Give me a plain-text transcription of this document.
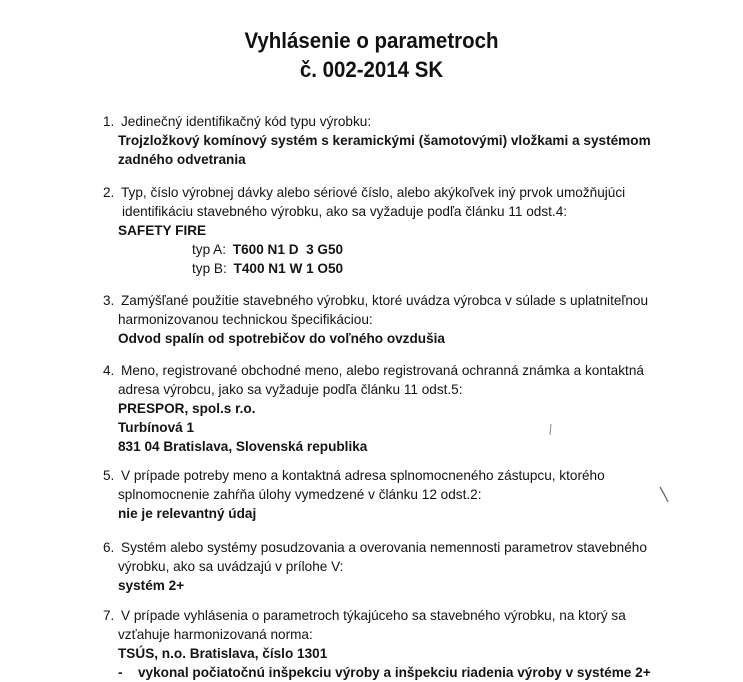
Vyhlásenie o parametroch
č. 002-2014 SK
1. Jedinečný identifikačný kód typu výrobku:
Trojzložkový komínový systém s keramickými (šamotovými) vložkami a systémom
zadného odvetrania
2. Typ, číslo výrobnej dávky alebo sériové číslo, alebo akýkoľvek iný prvok umožňujúci
identifikáciu stavebného výrobku, ako sa vyžaduje podľa článku 11 odst.4:
SAFETY FIRE
typ A: T600 N1 D  3 G50
typ B: T400 N1 W 1 O50
3. Zamýšľané použitie stavebného výrobku, ktoré uvádza výrobca v súlade s uplatniteľnou
harmonizovanou technickou špecifikáciou:
Odvod spalín od spotrebičov do voľného ovzdušia
4. Meno, registrované obchodné meno, alebo registrovaná ochranná známka a kontaktná
adresa výrobcu, jako sa vyžaduje podľa článku 11 odst.5:
PRESPOR, spol.s r.o.
Turbínová 1
831 04 Bratislava, Slovenská republika
5. V prípade potreby meno a kontaktná adresa splnomocneného zástupcu, ktorého
splnomocnenie zahŕňa úlohy vymedzené v článku 12 odst.2:
nie je relevantný údaj
6. Systém alebo systémy posudzovania a overovania nemennosti parametrov stavebného
výrobku, ako sa uvádzajú v prílohe V:
systém 2+
7. V prípade vyhlásenia o parametroch týkajúceho sa stavebného výrobku, na ktorý sa
vzťahuje harmonizovaná norma:
TSÚS, n.o. Bratislava, číslo 1301
- vykonal počiatočnú inšpekciu výroby a inšpekciu riadenia výroby v systéme 2+
